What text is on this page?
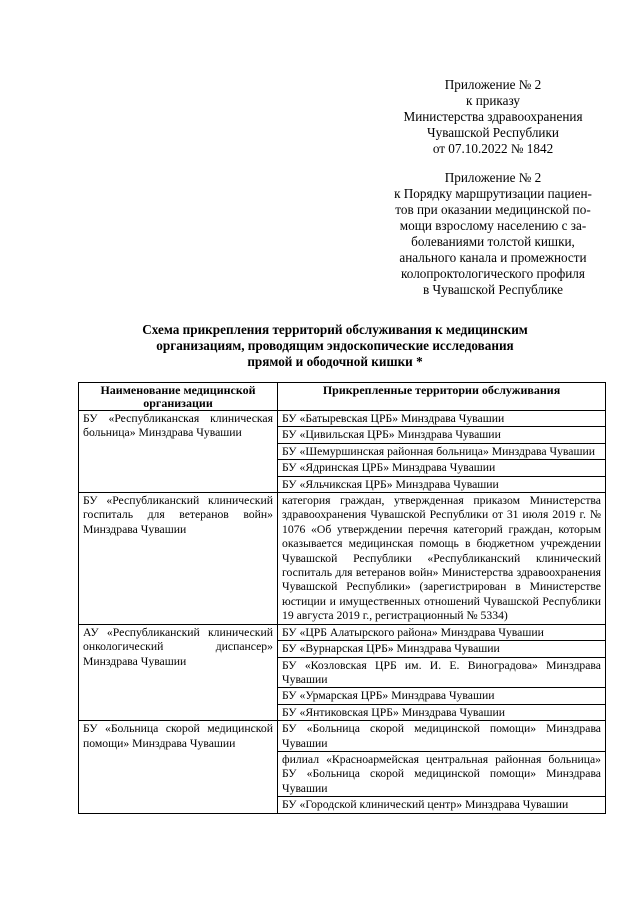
Приложение № 2
к приказу
Министерства здравоохранения
Чувашской Республики
от 07.10.2022 № 1842
Приложение № 2
к Порядку маршрутизации пациен-
тов при оказании медицинской по-
мощи взрослому населению с за-
болеваниями толстой кишки,
анального канала и промежности
колопроктологического профиля
в Чувашской Республике
Схема прикрепления территорий обслуживания к медицинским
организациям, проводящим эндоскопические исследования
прямой и ободочной кишки *
Наименование медицинской организации	Прикрепленные территории обслуживания
БУ «Республиканская клиническая больница» Минздрава Чувашии	БУ «Батыревская ЦРБ» Минздрава Чувашии
	БУ «Цивильская ЦРБ» Минздрава Чувашии
	БУ «Шемуршинская районная больница» Минздрава Чувашии
	БУ «Ядринская ЦРБ» Минздрава Чувашии
	БУ «Яльчикская ЦРБ» Минздрава Чувашии
БУ «Республиканский клинический госпиталь для ветеранов войн» Минздрава Чувашии	категория граждан, утвержденная приказом Министерства здравоохранения Чувашской Республики от 31 июля 2019 г. № 1076 «Об утверждении перечня категорий граждан, которым оказывается медицинская помощь в бюджетном учреждении Чувашской Республики «Республиканский клинический госпиталь для ветеранов войн» Министерства здравоохранения Чувашской Республики» (зарегистрирован в Министерстве юстиции и имущественных отношений Чувашской Республики 19 августа 2019 г., регистрационный № 5334)
АУ «Республиканский клинический онкологический диспансер» Минздрава Чувашии	БУ «ЦРБ Алатырского района» Минздрава Чувашии
	БУ «Вурнарская ЦРБ» Минздрава Чувашии
	БУ «Козловская ЦРБ им. И. Е. Виноградова» Минздрава Чувашии
	БУ «Урмарская ЦРБ» Минздрава Чувашии
	БУ «Янтиковская ЦРБ» Минздрава Чувашии
БУ «Больница скорой медицинской помощи» Минздрава Чувашии	БУ «Больница скорой медицинской помощи» Минздрава Чувашии
	филиал «Красноармейская центральная районная больница» БУ «Больница скорой медицинской помощи» Минздрава Чувашии
	БУ «Городской клинический центр» Минздрава Чувашии
